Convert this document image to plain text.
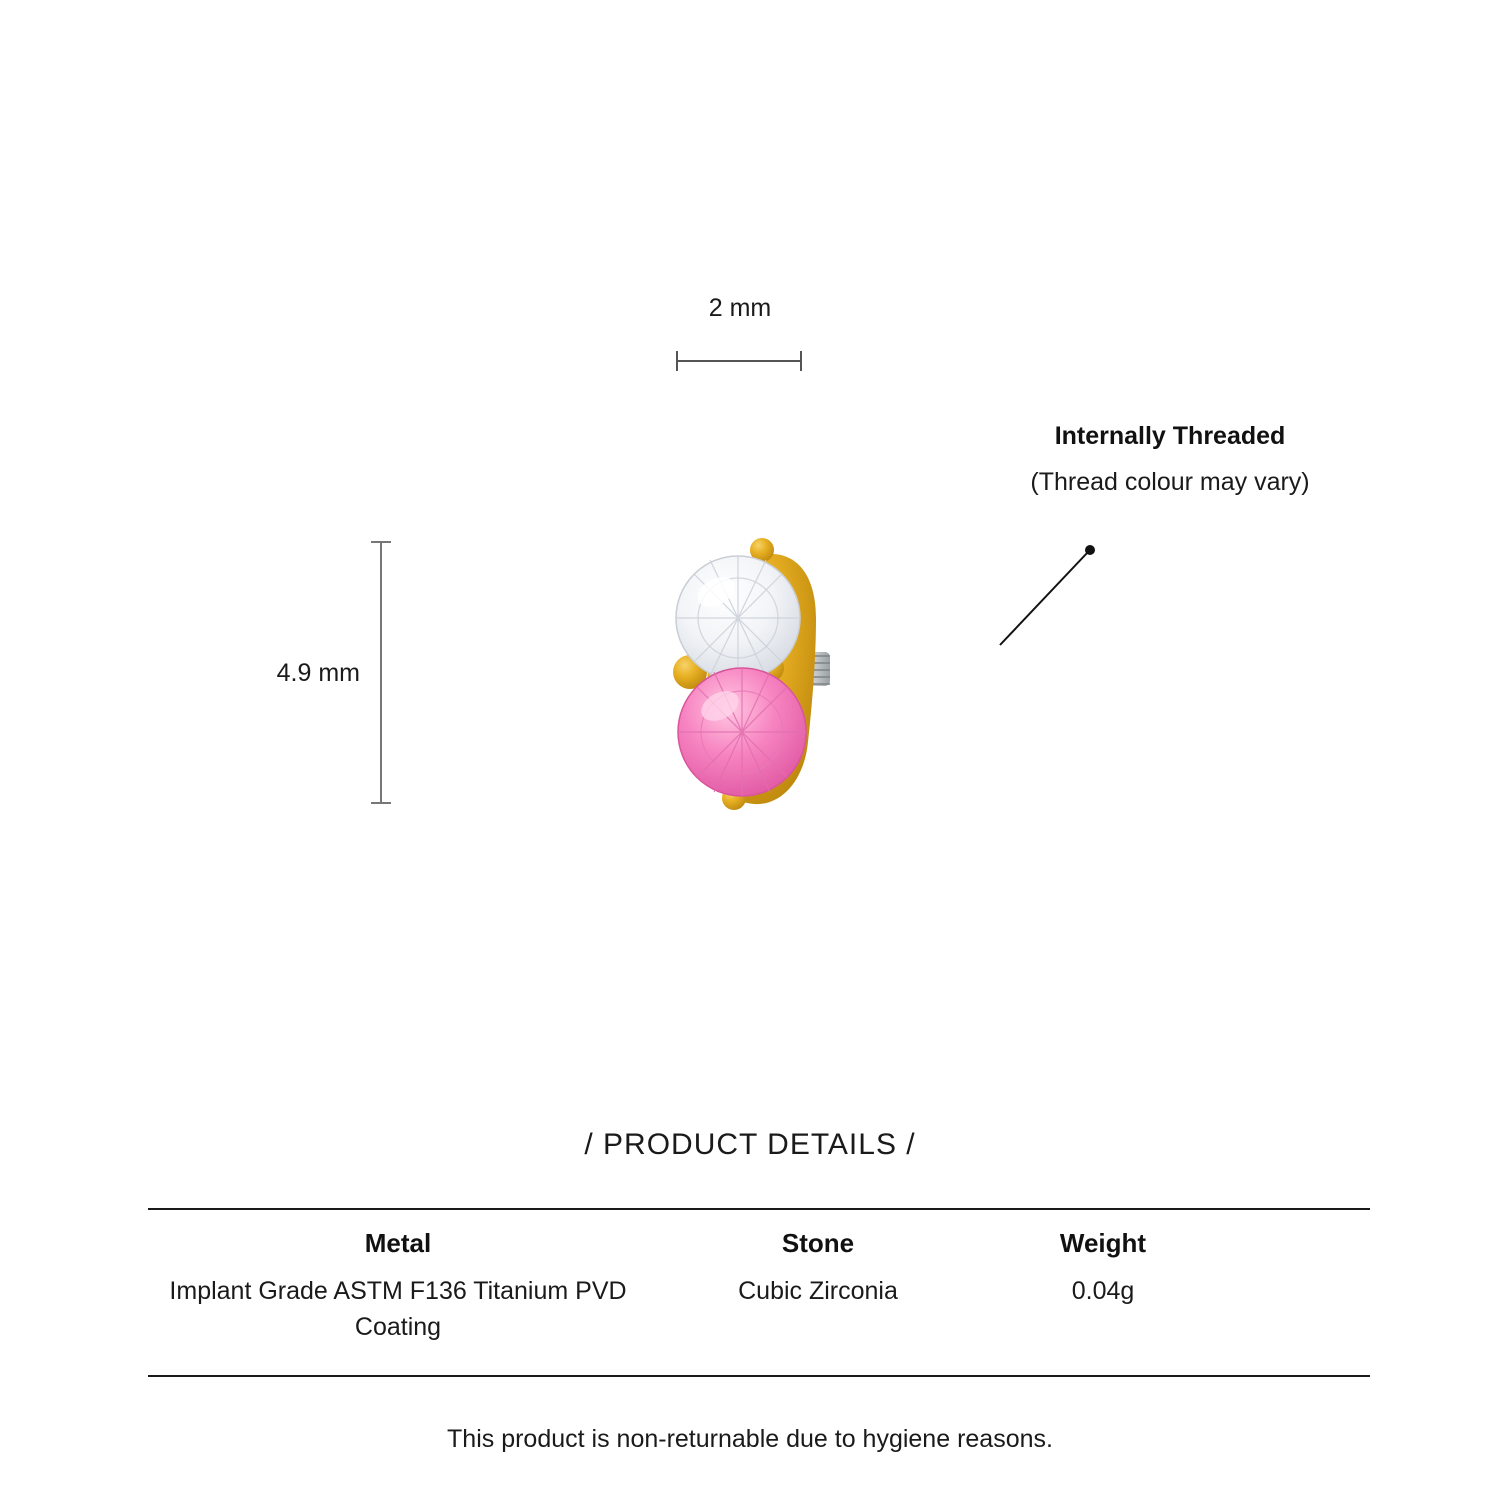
2 mm
4.9 mm
Internally Threaded
(Thread colour may vary)
/ PRODUCT DETAILS /
Metal
Implant Grade ASTM F136 Titanium PVD Coating
Stone
Cubic Zirconia
Weight
0.04g
This product is non-returnable due to hygiene reasons.
